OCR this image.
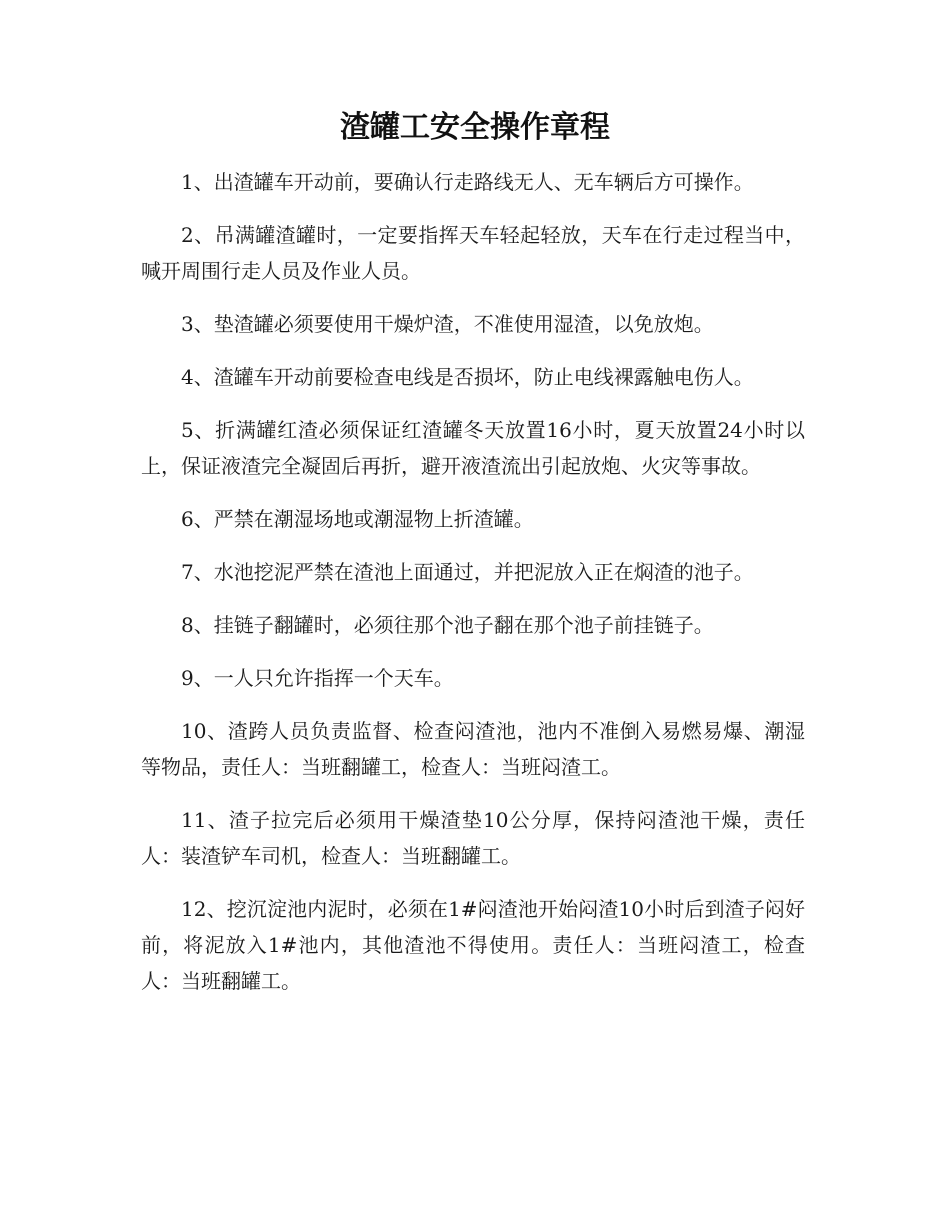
渣罐工安全操作章程

1、出渣罐车开动前，要确认行走路线无人、无车辆后方可操作。

2、吊满罐渣罐时，一定要指挥天车轻起轻放，天车在行走过程当中，喊开周围行走人员及作业人员。

3、垫渣罐必须要使用干燥炉渣，不准使用湿渣，以免放炮。

4、渣罐车开动前要检查电线是否损坏，防止电线裸露触电伤人。

5、折满罐红渣必须保证红渣罐冬天放置16小时，夏天放置24小时以上，保证液渣完全凝固后再折，避开液渣流出引起放炮、火灾等事故。

6、严禁在潮湿场地或潮湿物上折渣罐。

7、水池挖泥严禁在渣池上面通过，并把泥放入正在焖渣的池子。

8、挂链子翻罐时，必须往那个池子翻在那个池子前挂链子。

9、一人只允许指挥一个天车。

10、渣跨人员负责监督、检查闷渣池，池内不准倒入易燃易爆、潮湿等物品，责任人：当班翻罐工，检查人：当班闷渣工。

11、渣子拉完后必须用干燥渣垫10公分厚，保持闷渣池干燥，责任人：装渣铲车司机，检查人：当班翻罐工。

12、挖沉淀池内泥时，必须在1#闷渣池开始闷渣10小时后到渣子闷好前，将泥放入1#池内，其他渣池不得使用。责任人：当班闷渣工，检查人：当班翻罐工。
